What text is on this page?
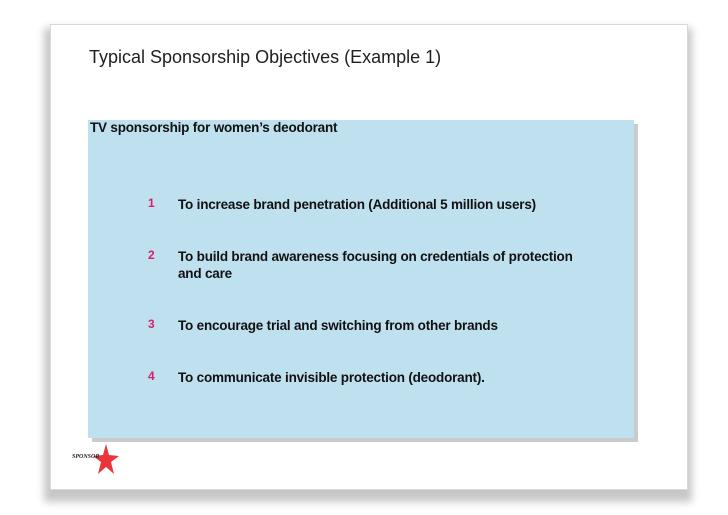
Typical Sponsorship Objectives (Example 1)
TV sponsorship for women’s deodorant
1 To increase brand penetration (Additional 5 million users)
2 To build brand awareness focusing on credentials of protection and care
3 To encourage trial and switching from other brands
4 To communicate invisible protection (deodorant).
SPONSOR
